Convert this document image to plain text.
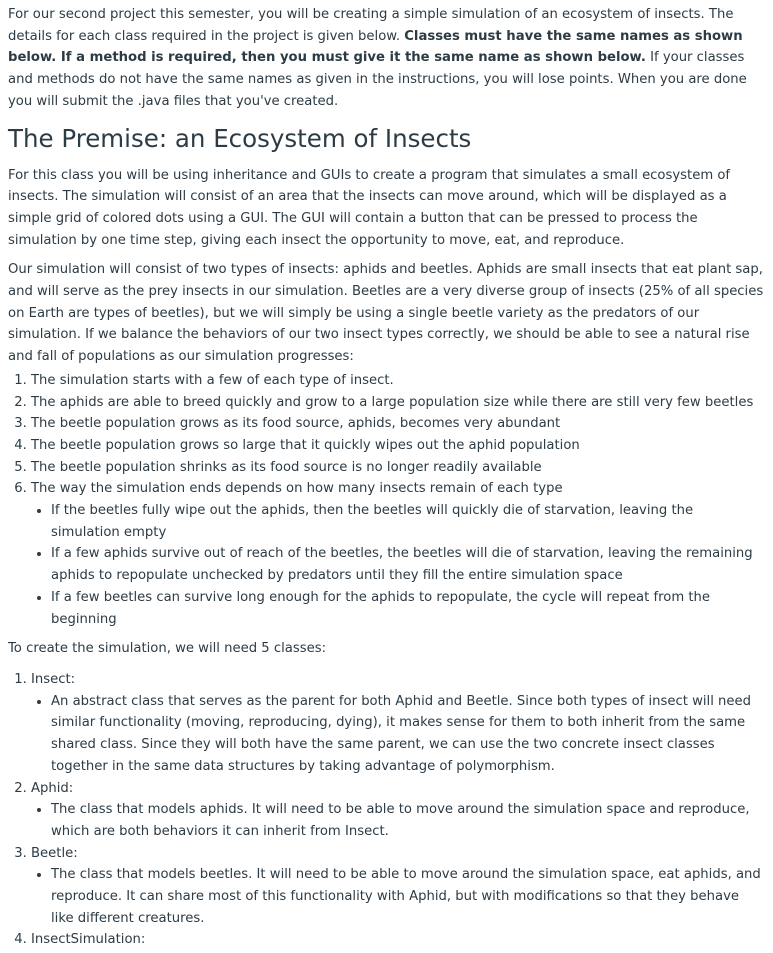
For our second project this semester, you will be creating a simple simulation of an ecosystem of insects. The details for each class required in the project is given below. Classes must have the same names as shown below. If a method is required, then you must give it the same name as shown below. If your classes and methods do not have the same names as given in the instructions, you will lose points. When you are done you will submit the .java files that you've created.

The Premise: an Ecosystem of Insects

For this class you will be using inheritance and GUIs to create a program that simulates a small ecosystem of insects. The simulation will consist of an area that the insects can move around, which will be displayed as a simple grid of colored dots using a GUI. The GUI will contain a button that can be pressed to process the simulation by one time step, giving each insect the opportunity to move, eat, and reproduce.

Our simulation will consist of two types of insects: aphids and beetles. Aphids are small insects that eat plant sap, and will serve as the prey insects in our simulation. Beetles are a very diverse group of insects (25% of all species on Earth are types of beetles), but we will simply be using a single beetle variety as the predators of our simulation. If we balance the behaviors of our two insect types correctly, we should be able to see a natural rise and fall of populations as our simulation progresses:

1. The simulation starts with a few of each type of insect.
2. The aphids are able to breed quickly and grow to a large population size while there are still very few beetles
3. The beetle population grows as its food source, aphids, becomes very abundant
4. The beetle population grows so large that it quickly wipes out the aphid population
5. The beetle population shrinks as its food source is no longer readily available
6. The way the simulation ends depends on how many insects remain of each type
• If the beetles fully wipe out the aphids, then the beetles will quickly die of starvation, leaving the simulation empty
• If a few aphids survive out of reach of the beetles, the beetles will die of starvation, leaving the remaining aphids to repopulate unchecked by predators until they fill the entire simulation space
• If a few beetles can survive long enough for the aphids to repopulate, the cycle will repeat from the beginning

To create the simulation, we will need 5 classes:

1. Insect:
• An abstract class that serves as the parent for both Aphid and Beetle. Since both types of insect will need similar functionality (moving, reproducing, dying), it makes sense for them to both inherit from the same shared class. Since they will both have the same parent, we can use the two concrete insect classes together in the same data structures by taking advantage of polymorphism.
2. Aphid:
• The class that models aphids. It will need to be able to move around the simulation space and reproduce, which are both behaviors it can inherit from Insect.
3. Beetle:
• The class that models beetles. It will need to be able to move around the simulation space, eat aphids, and reproduce. It can share most of this functionality with Aphid, but with modifications so that they behave like different creatures.
4. InsectSimulation:
